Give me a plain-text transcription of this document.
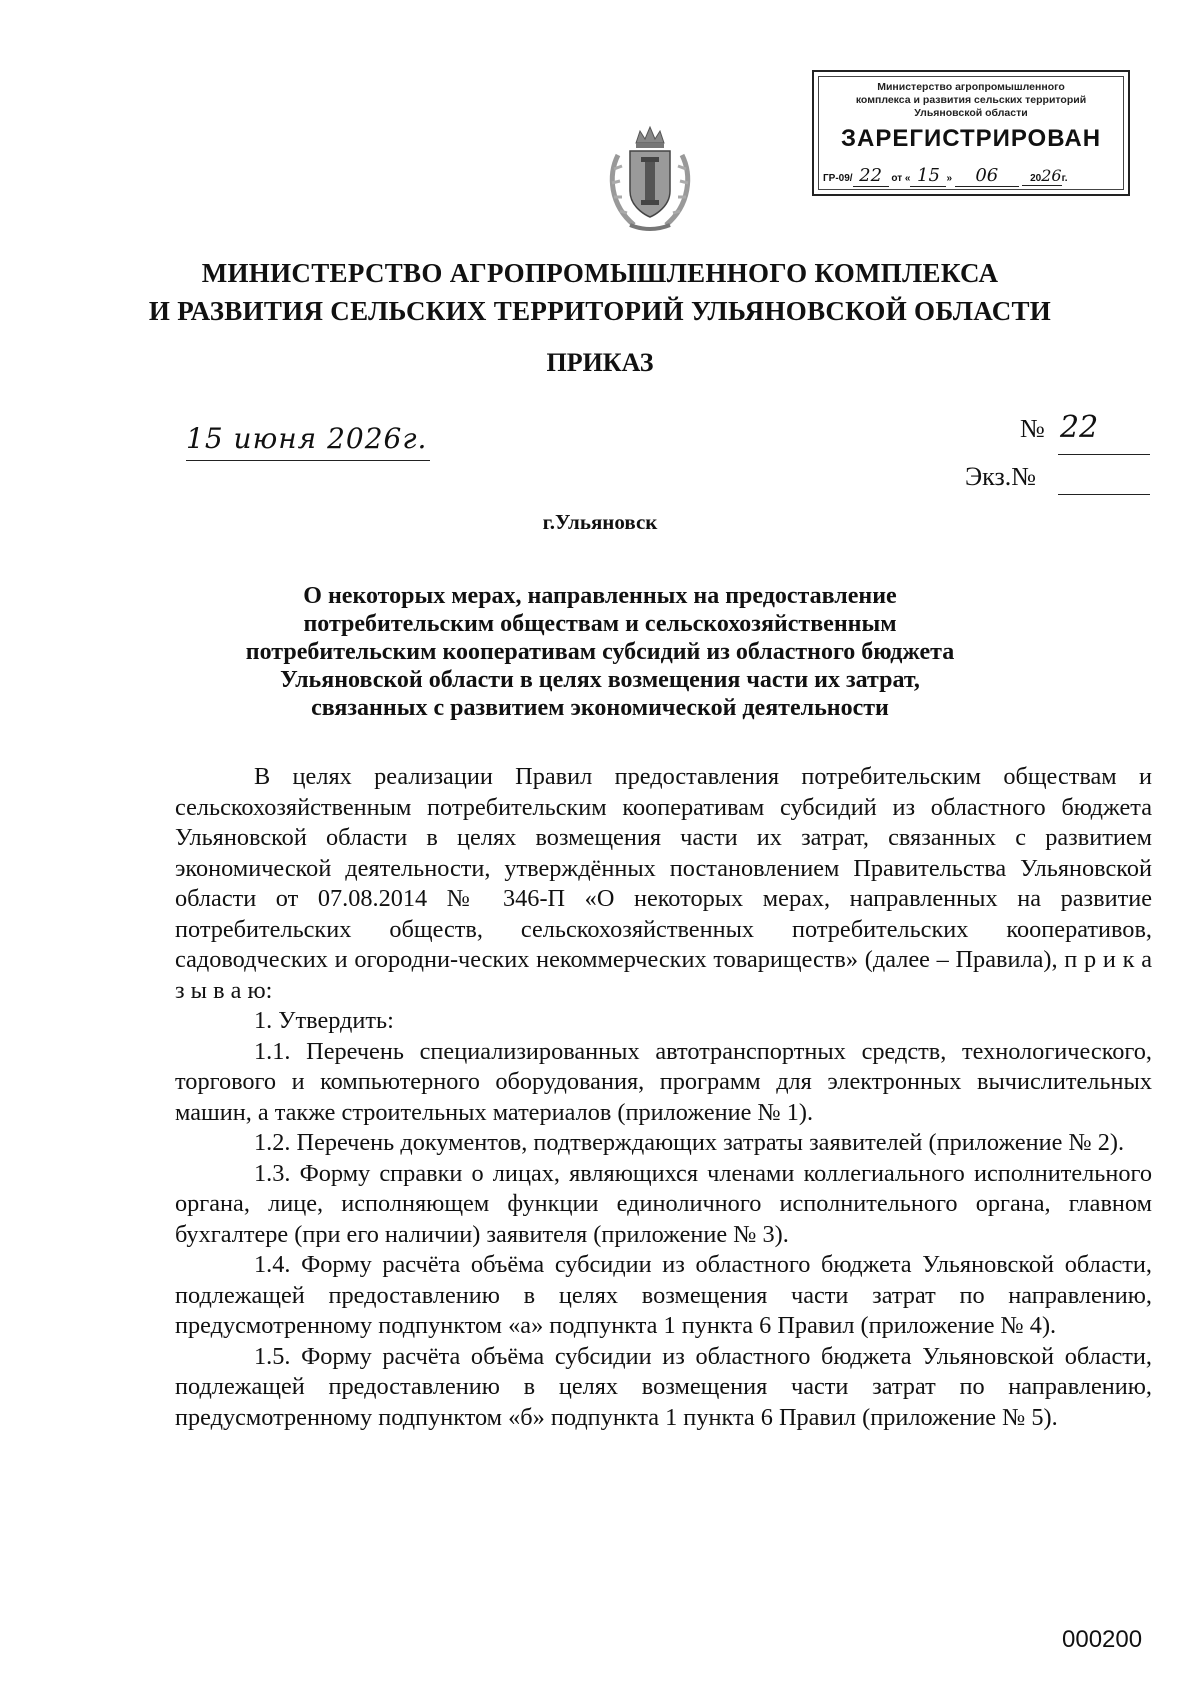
Министерство агропромышленного
комплекса и развития сельских территорий
Ульяновской области
ЗАРЕГИСТРИРОВАН
ГР-09/ 22 от « 15 » 06	2026г.
МИНИСТЕРСТВО АГРОПРОМЫШЛЕННОГО КОМПЛЕКСА
И РАЗВИТИЯ СЕЛЬСКИХ ТЕРРИТОРИЙ УЛЬЯНОВСКОЙ ОБЛАСТИ
ПРИКАЗ
15 июня 2026г.	№ 22
Экз.№
г.Ульяновск
О некоторых мерах, направленных на предоставление
потребительским обществам и сельскохозяйственным
потребительским кооперативам субсидий из областного бюджета
Ульяновской области в целях возмещения части их затрат,
связанных с развитием экономической деятельности

В целях реализации Правил предоставления потребительским обществам и сельскохозяйственным потребительским кооперативам субсидий из областного бюджета Ульяновской области в целях возмещения части их затрат, связанных с развитием экономической деятельности, утверждённых постановлением Правительства Ульяновской области от 07.08.2014 № 346-П «О некоторых мерах, направленных на развитие потребительских обществ, сельскохозяйственных потребительских кооперативов, садоводческих и огородни-ческих некоммерческих товариществ» (далее – Правила), п р и к а з ы в а ю:

1. Утвердить:

1.1. Перечень специализированных автотранспортных средств, технологического, торгового и компьютерного оборудования, программ для электронных вычислительных машин, а также строительных материалов (приложение № 1).

1.2. Перечень документов, подтверждающих затраты заявителей (приложение № 2).

1.3. Форму справки о лицах, являющихся членами коллегиального исполнительного органа, лице, исполняющем функции единоличного исполнительного органа, главном бухгалтере (при его наличии) заявителя (приложение № 3).

1.4. Форму расчёта объёма субсидии из областного бюджета Ульяновской области, подлежащей предоставлению в целях возмещения части затрат по направлению, предусмотренному подпунктом «а» подпункта 1 пункта 6 Правил (приложение № 4).

1.5. Форму расчёта объёма субсидии из областного бюджета Ульяновской области, подлежащей предоставлению в целях возмещения части затрат по направлению, предусмотренному подпунктом «б» подпункта 1 пункта 6 Правил (приложение № 5).

000200
